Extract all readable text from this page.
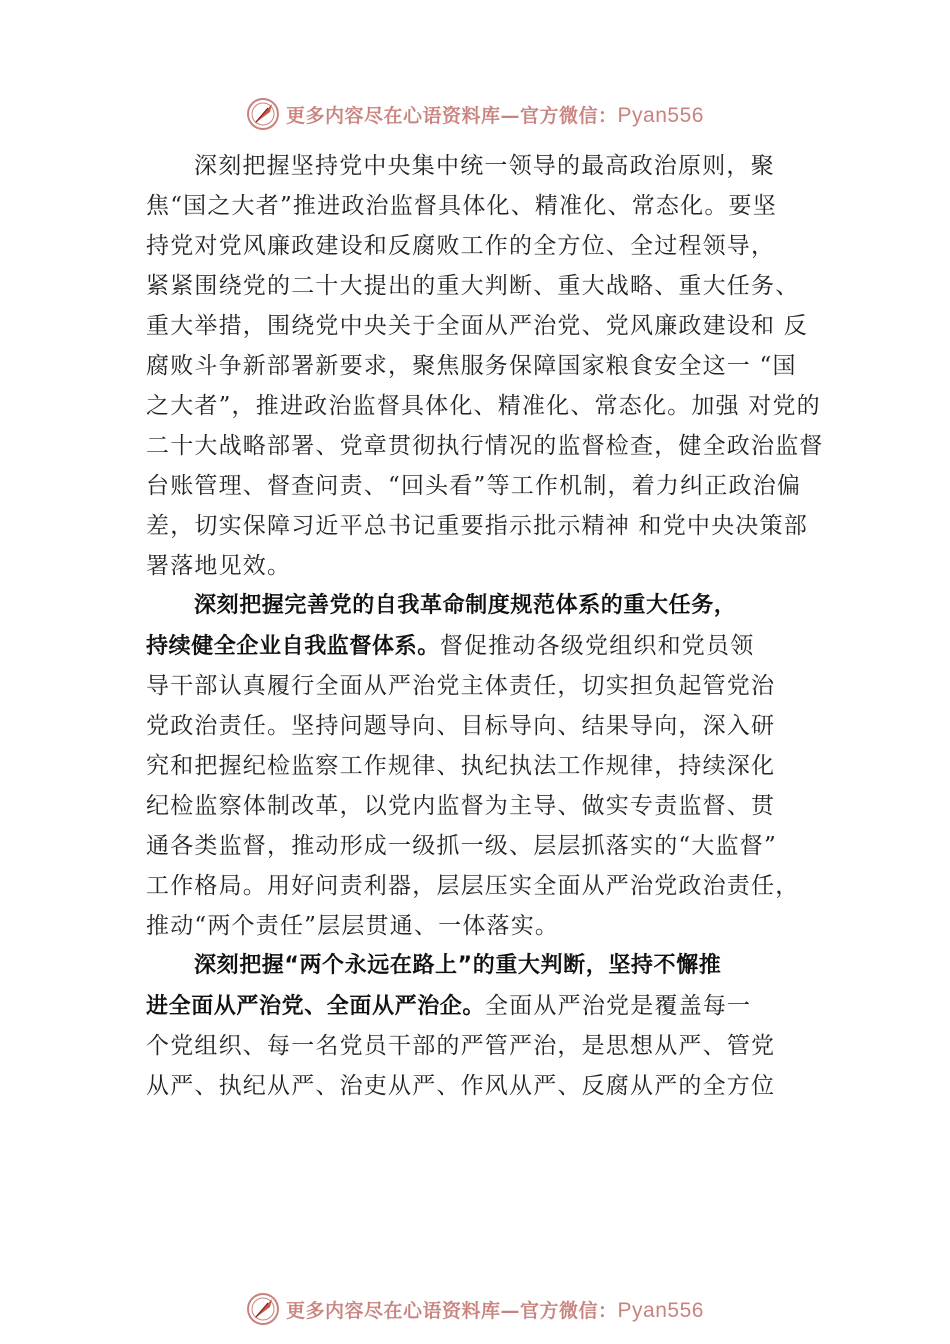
更多内容尽在心语资料库—官方微信：Pyan556
深刻把握坚持党中央集中统一领导的最高政治原则，聚
焦“国之大者”推进政治监督具体化、精准化、常态化。要坚
持党对党风廉政建设和反腐败工作的全方位、全过程领导，
紧紧围绕党的二十大提出的重大判断、重大战略、重大任务、
重大举措，围绕党中央关于全面从严治党、党风廉政建设和 反
腐败斗争新部署新要求，聚焦服务保障国家粮食安全这一 “国
之大者”，推进政治监督具体化、精准化、常态化。加强 对党的
二十大战略部署、党章贯彻执行情况的监督检查，健全政治监督
台账管理、督查问责、“回头看”等工作机制，着力纠正政治偏
差，切实保障习近平总书记重要指示批示精神 和党中央决策部
署落地见效。
深刻把握完善党的自我革命制度规范体系的重大任务，
持续健全企业自我监督体系。督促推动各级党组织和党员领
导干部认真履行全面从严治党主体责任，切实担负起管党治
党政治责任。坚持问题导向、目标导向、结果导向，深入研
究和把握纪检监察工作规律、执纪执法工作规律，持续深化
纪检监察体制改革，以党内监督为主导、做实专责监督、贯
通各类监督，推动形成一级抓一级、层层抓落实的“大监督”
工作格局。用好问责利器，层层压实全面从严治党政治责任，
推动“两个责任”层层贯通、一体落实。
深刻把握“两个永远在路上”的重大判断，坚持不懈推
进全面从严治党、全面从严治企。全面从严治党是覆盖每一
个党组织、每一名党员干部的严管严治，是思想从严、管党
从严、执纪从严、治吏从严、作风从严、反腐从严的全方位
更多内容尽在心语资料库—官方微信：Pyan556
